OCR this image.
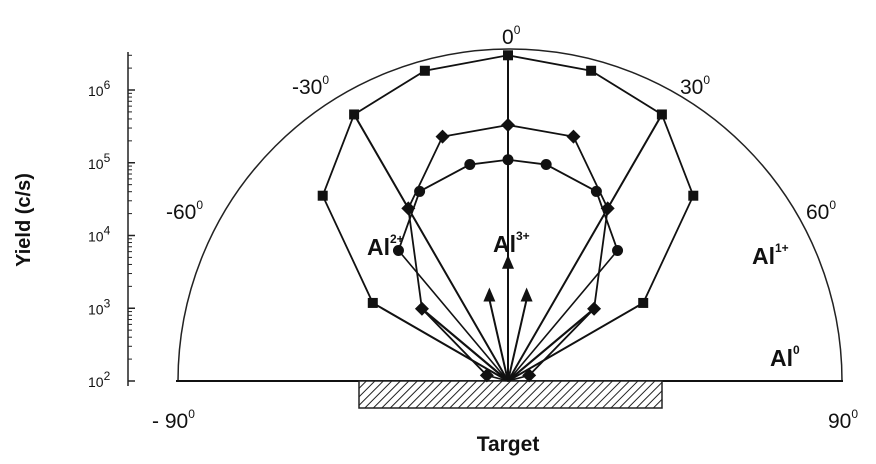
102
103
104
105
106
Yield (c/s)
Target
- $90^0$
$-60^0$
$-30^0$
$0^0$
$30^0$
$60^0$
$90^0$
$Al^{2+}$	$Al^{3+}$
$Al^{1+}$
Al$^0$
